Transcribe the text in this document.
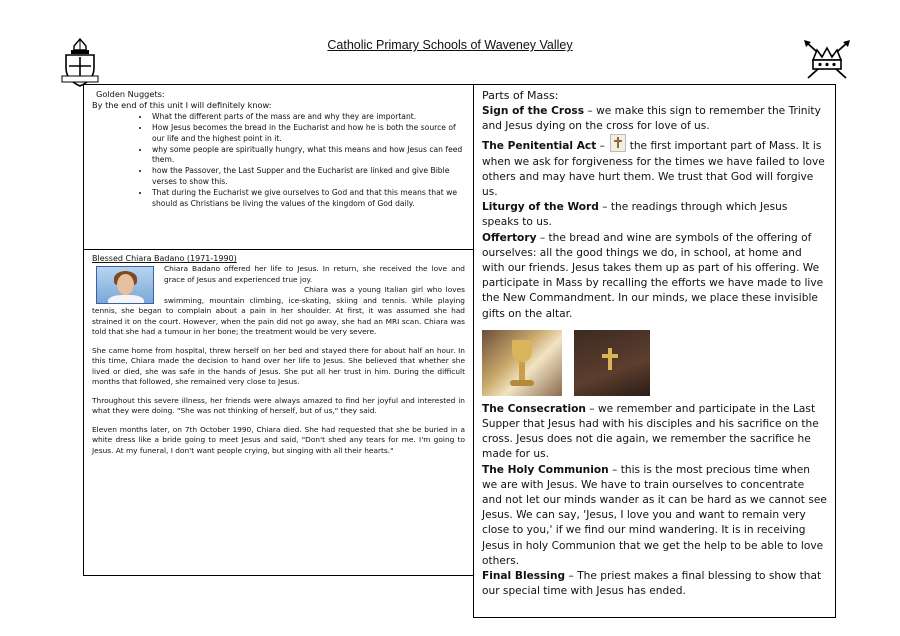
Catholic Primary Schools of Waveney Valley
Golden Nuggets:
By the end of this unit I will definitely know:
• What the different parts of the mass are and why they are important.
• How Jesus becomes the bread in the Eucharist and how he is both the source of our life and the highest point in it.
• why some people are spiritually hungry, what this means and how Jesus can feed them.
• how the Passover, the Last Supper and the Eucharist are linked and give Bible verses to show this.
• That during the Eucharist we give ourselves to God and that this means that we should as Christians be living the values of the kingdom of God daily.
Blessed Chiara Badano (1971-1990)

Chiara Badano offered her life to Jesus. In return, she received the love and grace of Jesus and experienced true joy.

Chiara was a young Italian girl who loves swimming, mountain climbing, ice-skating, skiing and tennis. While playing tennis, she began to complain about a pain in her shoulder. At first, it was assumed she had strained it on the court. However, when the pain did not go away, she had an MRI scan. Chiara was told that she had a tumour in her bone; the treatment would be very severe.

She came home from hospital, threw herself on her bed and stayed there for about half an hour. In this time, Chiara made the decision to hand over her life to Jesus. She believed that whether she lived or died, she was safe in the hands of Jesus. She put all her trust in him. During the difficult months that followed, she remained very close to Jesus.

Throughout this severe illness, her friends were always amazed to find her joyful and interested in what they were doing. "She was not thinking of herself, but of us," they said.

Eleven months later, on 7th October 1990, Chiara died. She had requested that she be buried in a white dress like a bride going to meet Jesus and said, "Don't shed any tears for me. I'm going to Jesus. At my funeral, I don't want people crying, but singing with all their hearts."

Parts of Mass:

Sign of the Cross – we make this sign to remember the Trinity and Jesus dying on the cross for love of us.

The Penitential Act –  the first important part of Mass. It is when we ask for forgiveness for the times we have failed to love others and may have hurt them. We trust that God will forgive us.

Liturgy of the Word – the readings through which Jesus speaks to us.

Offertory – the bread and wine are symbols of the offering of ourselves: all the good things we do, in school, at home and with our friends. Jesus takes them up as part of his offering. We participate in Mass by recalling the efforts we have made to live the New Commandment. In our minds, we place these invisible gifts on the altar.

The Consecration – we remember and participate in the Last Supper that Jesus had with his disciples and his sacrifice on the cross. Jesus does not die again, we remember the sacrifice he made for us.

The Holy Communion – this is the most precious time when we are with Jesus. We have to train ourselves to concentrate and not let our minds wander as it can be hard as we cannot see Jesus. We can say, 'Jesus, I love you and want to remain very close to you,' if we find our mind wandering. It is in receiving Jesus in holy Communion that we get the help to be able to love others.

Final Blessing – The priest makes a final blessing to show that our special time with Jesus has ended.
